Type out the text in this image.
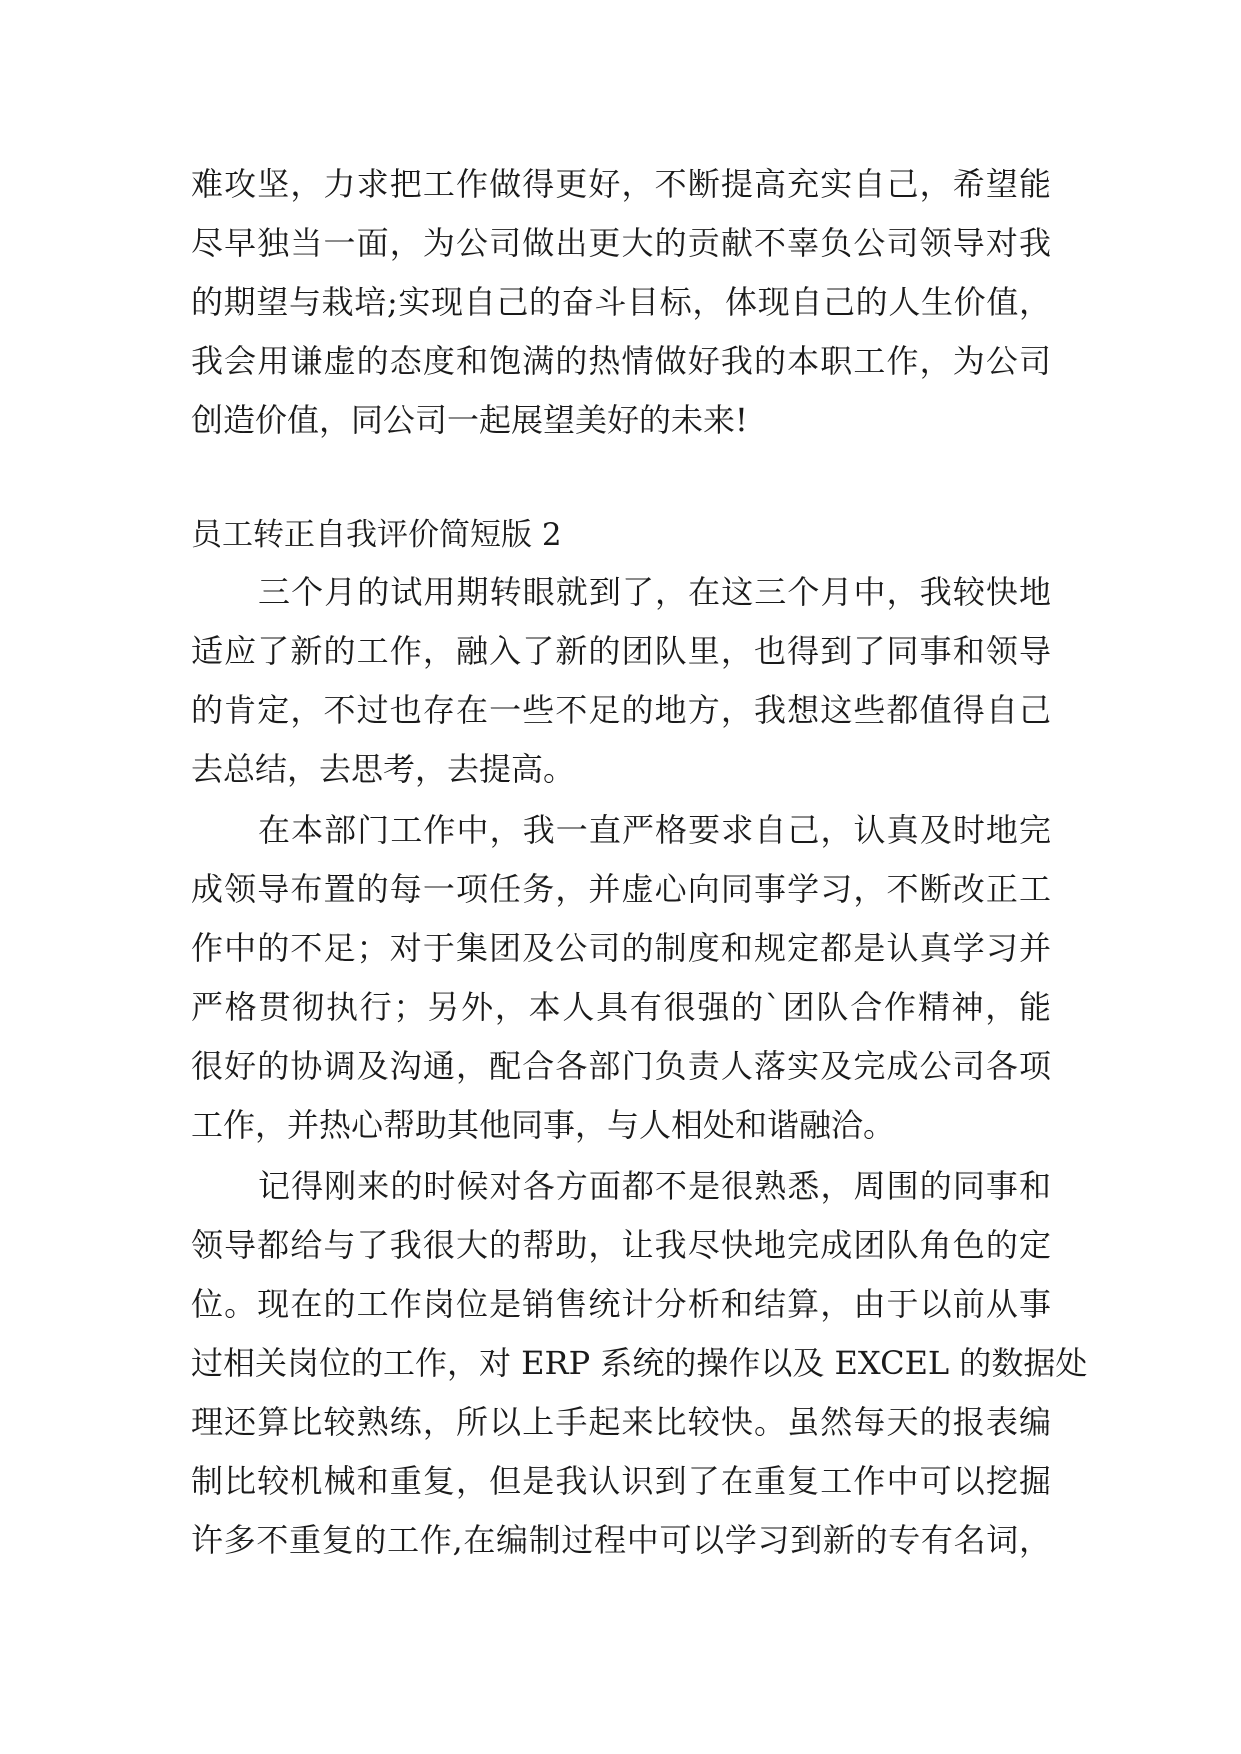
难攻坚，力求把工作做得更好，不断提高充实自己，希望能
尽早独当一面，为公司做出更大的贡献不辜负公司领导对我
的期望与栽培;实现自己的奋斗目标，体现自己的人生价值，
我会用谦虚的态度和饱满的热情做好我的本职工作，为公司
创造价值，同公司一起展望美好的未来!
员工转正自我评价简短版 2
三个月的试用期转眼就到了，在这三个月中，我较快地
适应了新的工作，融入了新的团队里，也得到了同事和领导
的肯定，不过也存在一些不足的地方，我想这些都值得自己
去总结，去思考，去提高。
在本部门工作中，我一直严格要求自己，认真及时地完
成领导布置的每一项任务，并虚心向同事学习，不断改正工
作中的不足；对于集团及公司的制度和规定都是认真学习并
严格贯彻执行；另外，本人具有很强的`团队合作精神，能
很好的协调及沟通，配合各部门负责人落实及完成公司各项
工作，并热心帮助其他同事，与人相处和谐融洽。
记得刚来的时候对各方面都不是很熟悉，周围的同事和
领导都给与了我很大的帮助，让我尽快地完成团队角色的定
位。现在的工作岗位是销售统计分析和结算，由于以前从事
过相关岗位的工作，对 ERP 系统的操作以及 EXCEL 的数据处
理还算比较熟练，所以上手起来比较快。虽然每天的报表编
制比较机械和重复，但是我认识到了在重复工作中可以挖掘
许多不重复的工作,在编制过程中可以学习到新的专有名词，
